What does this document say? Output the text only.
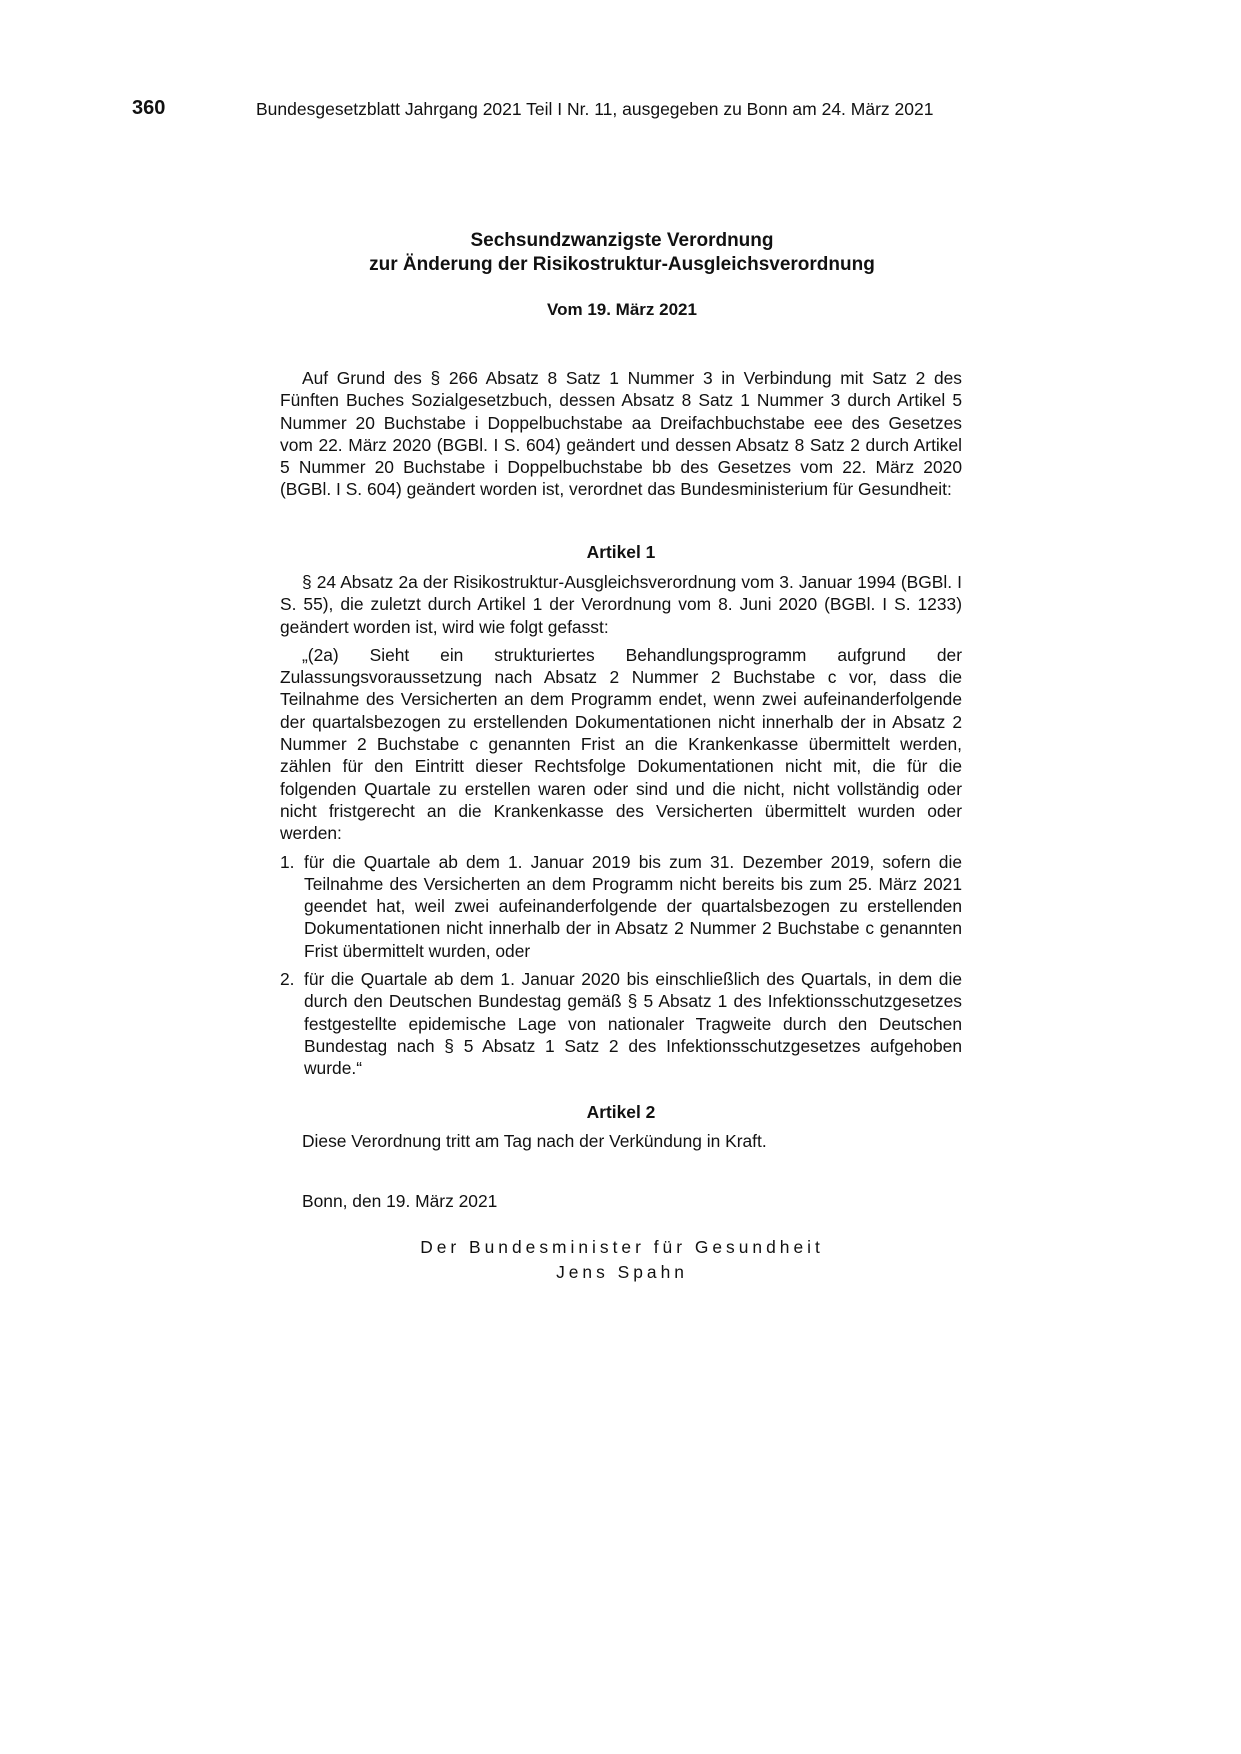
360	Bundesgesetzblatt Jahrgang 2021 Teil I Nr. 11, ausgegeben zu Bonn am 24. März 2021
Sechsundzwanzigste Verordnung
zur Änderung der Risikostruktur-Ausgleichsverordnung
Vom 19. März 2021

Auf Grund des § 266 Absatz 8 Satz 1 Nummer 3 in Verbindung mit Satz 2 des Fünften Buches Sozialgesetzbuch, dessen Absatz 8 Satz 1 Nummer 3 durch Artikel 5 Nummer 20 Buchstabe i Doppelbuchstabe aa Dreifachbuchstabe eee des Gesetzes vom 22. März 2020 (BGBl. I S. 604) geändert und dessen Absatz 8 Satz 2 durch Artikel 5 Nummer 20 Buchstabe i Doppelbuchstabe bb des Gesetzes vom 22. März 2020 (BGBl. I S. 604) geändert worden ist, verordnet das Bundesministerium für Gesundheit:

Artikel 1

§ 24 Absatz 2a der Risikostruktur-Ausgleichsverordnung vom 3. Januar 1994 (BGBl. I S. 55), die zuletzt durch Artikel 1 der Verordnung vom 8. Juni 2020 (BGBl. I S. 1233) geändert worden ist, wird wie folgt gefasst:

„(2a) Sieht ein strukturiertes Behandlungsprogramm aufgrund der Zulassungsvoraussetzung nach Absatz 2 Nummer 2 Buchstabe c vor, dass die Teilnahme des Versicherten an dem Programm endet, wenn zwei aufeinanderfolgende der quartalsbezogen zu erstellenden Dokumentationen nicht innerhalb der in Absatz 2 Nummer 2 Buchstabe c genannten Frist an die Krankenkasse übermittelt werden, zählen für den Eintritt dieser Rechtsfolge Dokumentationen nicht mit, die für die folgenden Quartale zu erstellen waren oder sind und die nicht, nicht vollständig oder nicht fristgerecht an die Krankenkasse des Versicherten übermittelt wurden oder werden:

1. für die Quartale ab dem 1. Januar 2019 bis zum 31. Dezember 2019, sofern die Teilnahme des Versicherten an dem Programm nicht bereits bis zum 25. März 2021 geendet hat, weil zwei aufeinanderfolgende der quartalsbezogen zu erstellenden Dokumentationen nicht innerhalb der in Absatz 2 Nummer 2 Buchstabe c genannten Frist übermittelt wurden, oder

2. für die Quartale ab dem 1. Januar 2020 bis einschließlich des Quartals, in dem die durch den Deutschen Bundestag gemäß § 5 Absatz 1 des Infektionsschutzgesetzes festgestellte epidemische Lage von nationaler Tragweite durch den Deutschen Bundestag nach § 5 Absatz 1 Satz 2 des Infektionsschutzgesetzes aufgehoben wurde.“

Artikel 2

Diese Verordnung tritt am Tag nach der Verkündung in Kraft.

Bonn, den 19. März 2021

Der Bundesminister für Gesundheit
Jens Spahn
